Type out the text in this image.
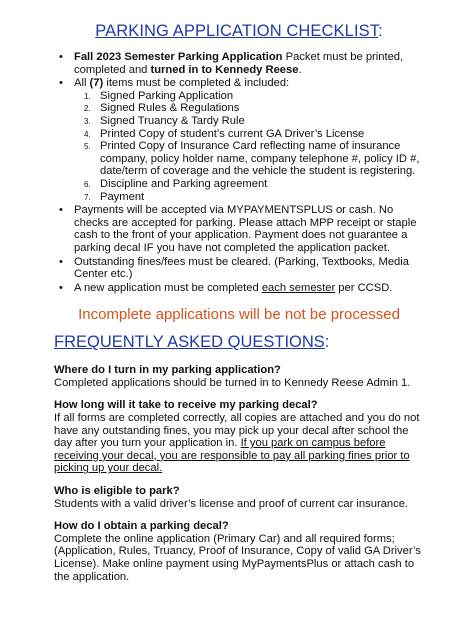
PARKING APPLICATION CHECKLIST:
• Fall 2023 Semester Parking Application Packet must be printed, completed and turned in to Kennedy Reese.
• All (7) items must be completed & included:
1. Signed Parking Application
2. Signed Rules & Regulations
3. Signed Truancy & Tardy Rule
4. Printed Copy of student’s current GA Driver’s License
5. Printed Copy of Insurance Card reflecting name of insurance company, policy holder name, company telephone #, policy ID #, date/term of coverage and the vehicle the student is registering.
6. Discipline and Parking agreement
7. Payment
• Payments will be accepted via MYPAYMENTSPLUS or cash. No checks are accepted for parking. Please attach MPP receipt or staple cash to the front of your application. Payment does not guarantee a parking decal IF you have not completed the application packet.
• Outstanding fines/fees must be cleared. (Parking, Textbooks, Media Center etc.)
• A new application must be completed each semester per CCSD.
Incomplete applications will be not be processed
FREQUENTLY ASKED QUESTIONS:
Where do I turn in my parking application?
Completed applications should be turned in to Kennedy Reese Admin 1.
How long will it take to receive my parking decal?
If all forms are completed correctly, all copies are attached and you do not have any outstanding fines, you may pick up your decal after school the day after you turn your application in. If you park on campus before receiving your decal, you are responsible to pay all parking fines prior to picking up your decal.
Who is eligible to park?
Students with a valid driver’s license and proof of current car insurance.
How do I obtain a parking decal?
Complete the online application (Primary Car) and all required forms; (Application, Rules, Truancy, Proof of Insurance, Copy of valid GA Driver’s License). Make online payment using MyPaymentsPlus or attach cash to the application.
